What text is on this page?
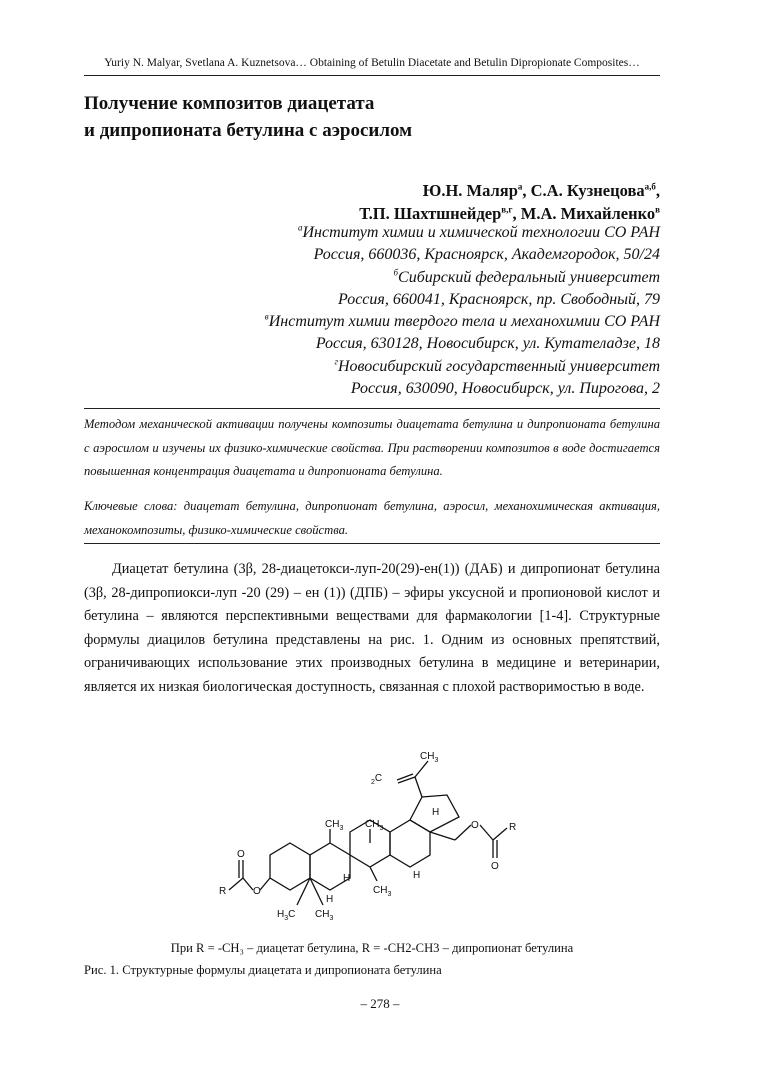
Yuriy N. Malyar, Svetlana A. Kuznetsova… Obtaining of Betulin Diacetate and Betulin Dipropionate Composites…
Получение композитов диацетата
и дипропионата бетулина с аэросилом
Ю.Н. Маляр$^а$, С.А. Кузнецова$^{а,б}$,
Т.П. Шахтшнейдер$^{в,г}$, М.А. Михайленко$^в$
$^а$Институт химии и химической технологии СО РАН
Россия, 660036, Красноярск, Академгородок, 50/24
$^б$Сибирский федеральный университет
Россия, 660041, Красноярск, пр. Свободный, 79
$^в$Институт химии твердого тела и механохимии СО РАН
Россия, 630128, Новосибирск, ул. Кутателадзе, 18
$^г$Новосибирский государственный университет
Россия, 630090, Новосибирск, ул. Пирогова, 2
Методом механической активации получены композиты диацетата бетулина и дипропионата бетулина с аэросилом и изучены их физико-химические свойства. При растворении композитов в воде достигается повышенная концентрация диацетата и дипропионата бетулина.
Ключевые слова: диацетат бетулина, дипропионат бетулина, аэросил, механохимическая активация, механокомпозиты, физико-химические свойства.
Диацетат бетулина (3β, 28-диацетокси-луп-20(29)-ен(1)) (ДАБ) и дипропионат бетулина (3β, 28-дипропиокси-луп -20 (29) – ен (1)) (ДПБ) – эфиры уксусной и пропионовой кислот и бетулина – являются перспективными веществами для фармакологии [1-4]. Структурные формулы диацилов бетулина представлены на рис. 1. Одним из основных препятствий, ограничивающих использование этих производных бетулина в медицине и ветеринарии, является их низкая биологическая доступность, связанная с плохой растворимостью в воде.
$CH_3$
$_2$C
H
$CH_3$ $CH_3$
H
$CH_3$
H
H
$H_3C$ $CH_3$
O	R
O
O
R
O
При R = -CH₃ – диацетат бетулина, R = -CH2-CH3 – дипропионат бетулина
Рис. 1. Структурные формулы диацетата и дипропионата бетулина
– 278 –
